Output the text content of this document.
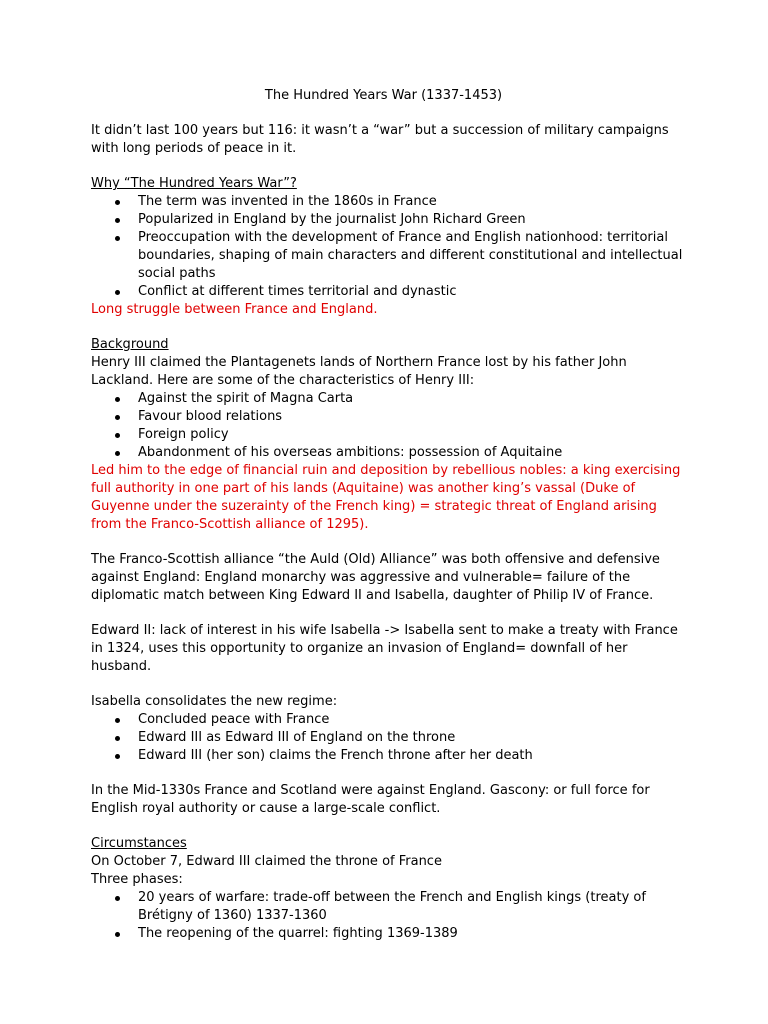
The Hundred Years War (1337-1453)

It didn’t last 100 years but 116: it wasn’t a “war” but a succession of military campaigns with long periods of peace in it.

Why “The Hundred Years War”?

The term was invented in the 1860s in France
Popularized in England by the journalist John Richard Green
Preoccupation with the development of France and English nationhood: territorial boundaries, shaping of main characters and different constitutional and intellectual social paths
Conflict at different times territorial and dynastic

Long struggle between France and England.

Background

Henry III claimed the Plantagenets lands of Northern France lost by his father John Lackland. Here are some of the characteristics of Henry III:

Against the spirit of Magna Carta
Favour blood relations
Foreign policy
Abandonment of his overseas ambitions: possession of Aquitaine

Led him to the edge of financial ruin and deposition by rebellious nobles: a king exercising full authority in one part of his lands (Aquitaine) was another king’s vassal (Duke of Guyenne under the suzerainty of the French king) = strategic threat of England arising from the Franco-Scottish alliance of 1295).

The Franco-Scottish alliance “the Auld (Old) Alliance” was both offensive and defensive against England: England monarchy was aggressive and vulnerable= failure of the diplomatic match between King Edward II and Isabella, daughter of Philip IV of France.

Edward II: lack of interest in his wife Isabella -> Isabella sent to make a treaty with France in 1324, uses this opportunity to organize an invasion of England= downfall of her husband.

Isabella consolidates the new regime:

Concluded peace with France
Edward III as Edward III of England on the throne
Edward III (her son) claims the French throne after her death

In the Mid-1330s France and Scotland were against England. Gascony: or full force for English royal authority or cause a large-scale conflict.

Circumstances

On October 7, Edward III claimed the throne of France

Three phases:

20 years of warfare: trade-off between the French and English kings (treaty of Brétigny of 1360) 1337-1360
The reopening of the quarrel: fighting 1369-1389
